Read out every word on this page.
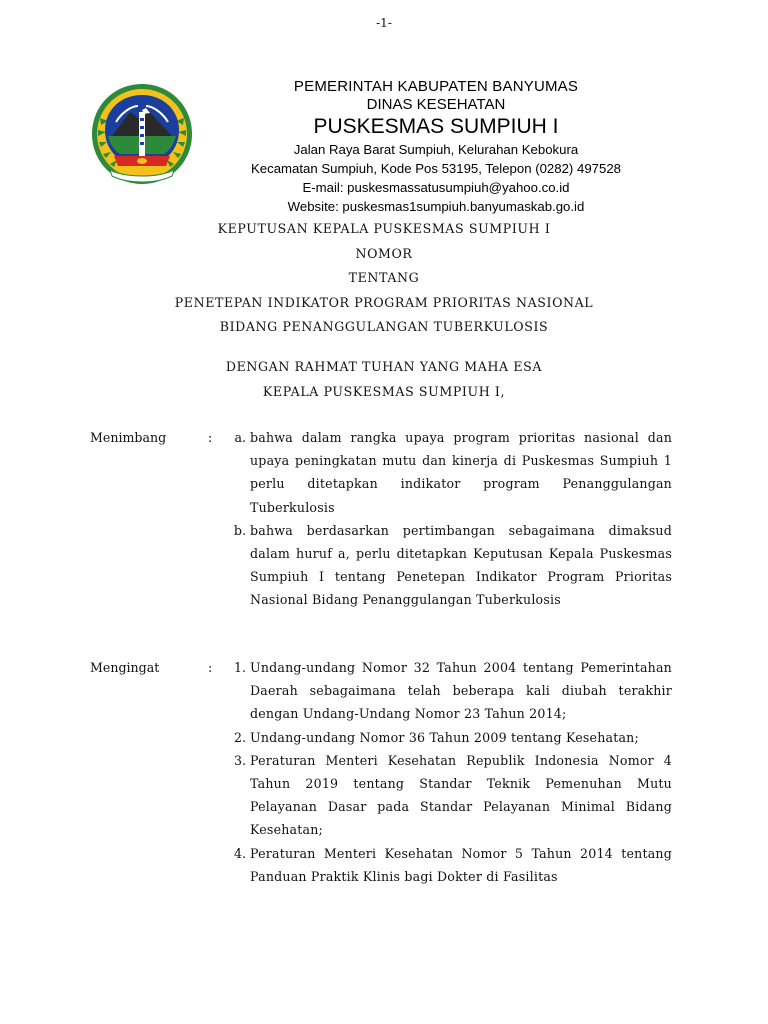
-1-
PEMERINTAH KABUPATEN BANYUMAS
DINAS KESEHATAN
PUSKESMAS SUMPIUH I
Jalan Raya Barat Sumpiuh, Kelurahan Kebokura
Kecamatan Sumpiuh, Kode Pos 53195, Telepon (0282) 497528
E-mail: puskesmassatusumpiuh@yahoo.co.id
Website: puskesmas1sumpiuh.banyumaskab.go.id
KEPUTUSAN KEPALA PUSKESMAS SUMPIUH I
NOMOR
TENTANG
PENETEPAN INDIKATOR PROGRAM PRIORITAS NASIONAL
BIDANG PENANGGULANGAN TUBERKULOSIS
DENGAN RAHMAT TUHAN YANG MAHA ESA
KEPALA PUSKESMAS SUMPIUH I,
Menimbang	:	a. bahwa dalam rangka upaya program prioritas nasional dan upaya peningkatan mutu dan kinerja di Puskesmas Sumpiuh 1 perlu ditetapkan indikator program Penanggulangan Tuberkulosis
b. bahwa berdasarkan pertimbangan sebagaimana dimaksud dalam huruf a, perlu ditetapkan Keputusan Kepala Puskesmas Sumpiuh I tentang Penetepan Indikator Program Prioritas Nasional Bidang Penanggulangan Tuberkulosis
Mengingat	:	1. Undang-undang Nomor 32 Tahun 2004 tentang Pemerintahan Daerah sebagaimana telah beberapa kali diubah terakhir dengan Undang-Undang Nomor 23 Tahun 2014;
2. Undang-undang Nomor 36 Tahun 2009 tentang Kesehatan;
3. Peraturan Menteri Kesehatan Republik Indonesia Nomor 4 Tahun 2019 tentang Standar Teknik Pemenuhan Mutu Pelayanan Dasar pada Standar Pelayanan Minimal Bidang Kesehatan;
4. Peraturan Menteri Kesehatan Nomor 5 Tahun 2014 tentang Panduan Praktik Klinis bagi Dokter di Fasilitas
